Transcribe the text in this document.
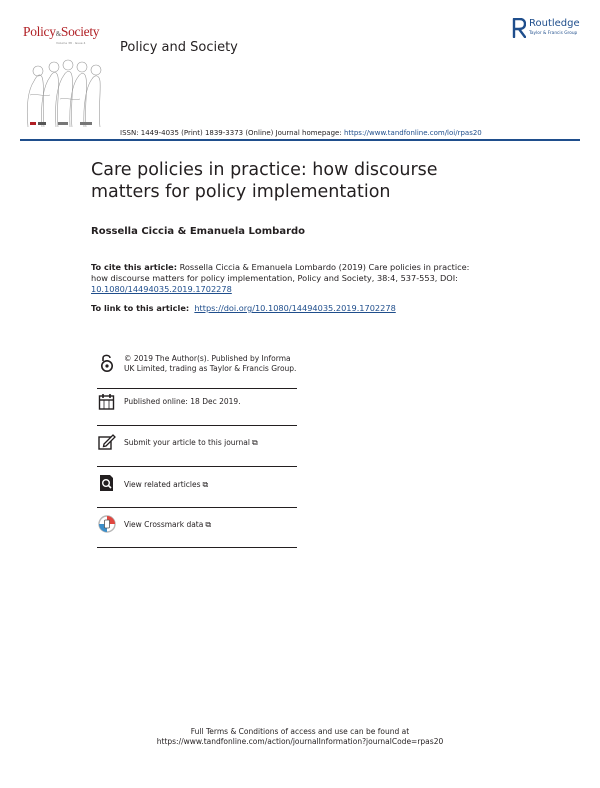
Policy&Society
Volume 38 · Issue 4	Policy and Society
Routledge
Taylor & Francis Group
ISSN: 1449-4035 (Print) 1839-3373 (Online) Journal homepage: https://www.tandfonline.com/loi/rpas20
Care policies in practice: how discourse matters for policy implementation
Rossella Ciccia & Emanuela Lombardo
To cite this article: Rossella Ciccia & Emanuela Lombardo (2019) Care policies in practice: how discourse matters for policy implementation, Policy and Society, 38:4, 537-553, DOI: 10.1080/14494035.2019.1702278
To link to this article: https://doi.org/10.1080/14494035.2019.1702278
© 2019 The Author(s). Published by Informa UK Limited, trading as Taylor & Francis Group.
Published online: 18 Dec 2019.
Submit your article to this journal ⧉
View related articles ⧉
View Crossmark data ⧉
Full Terms & Conditions of access and use can be found at
https://www.tandfonline.com/action/journalInformation?journalCode=rpas20
